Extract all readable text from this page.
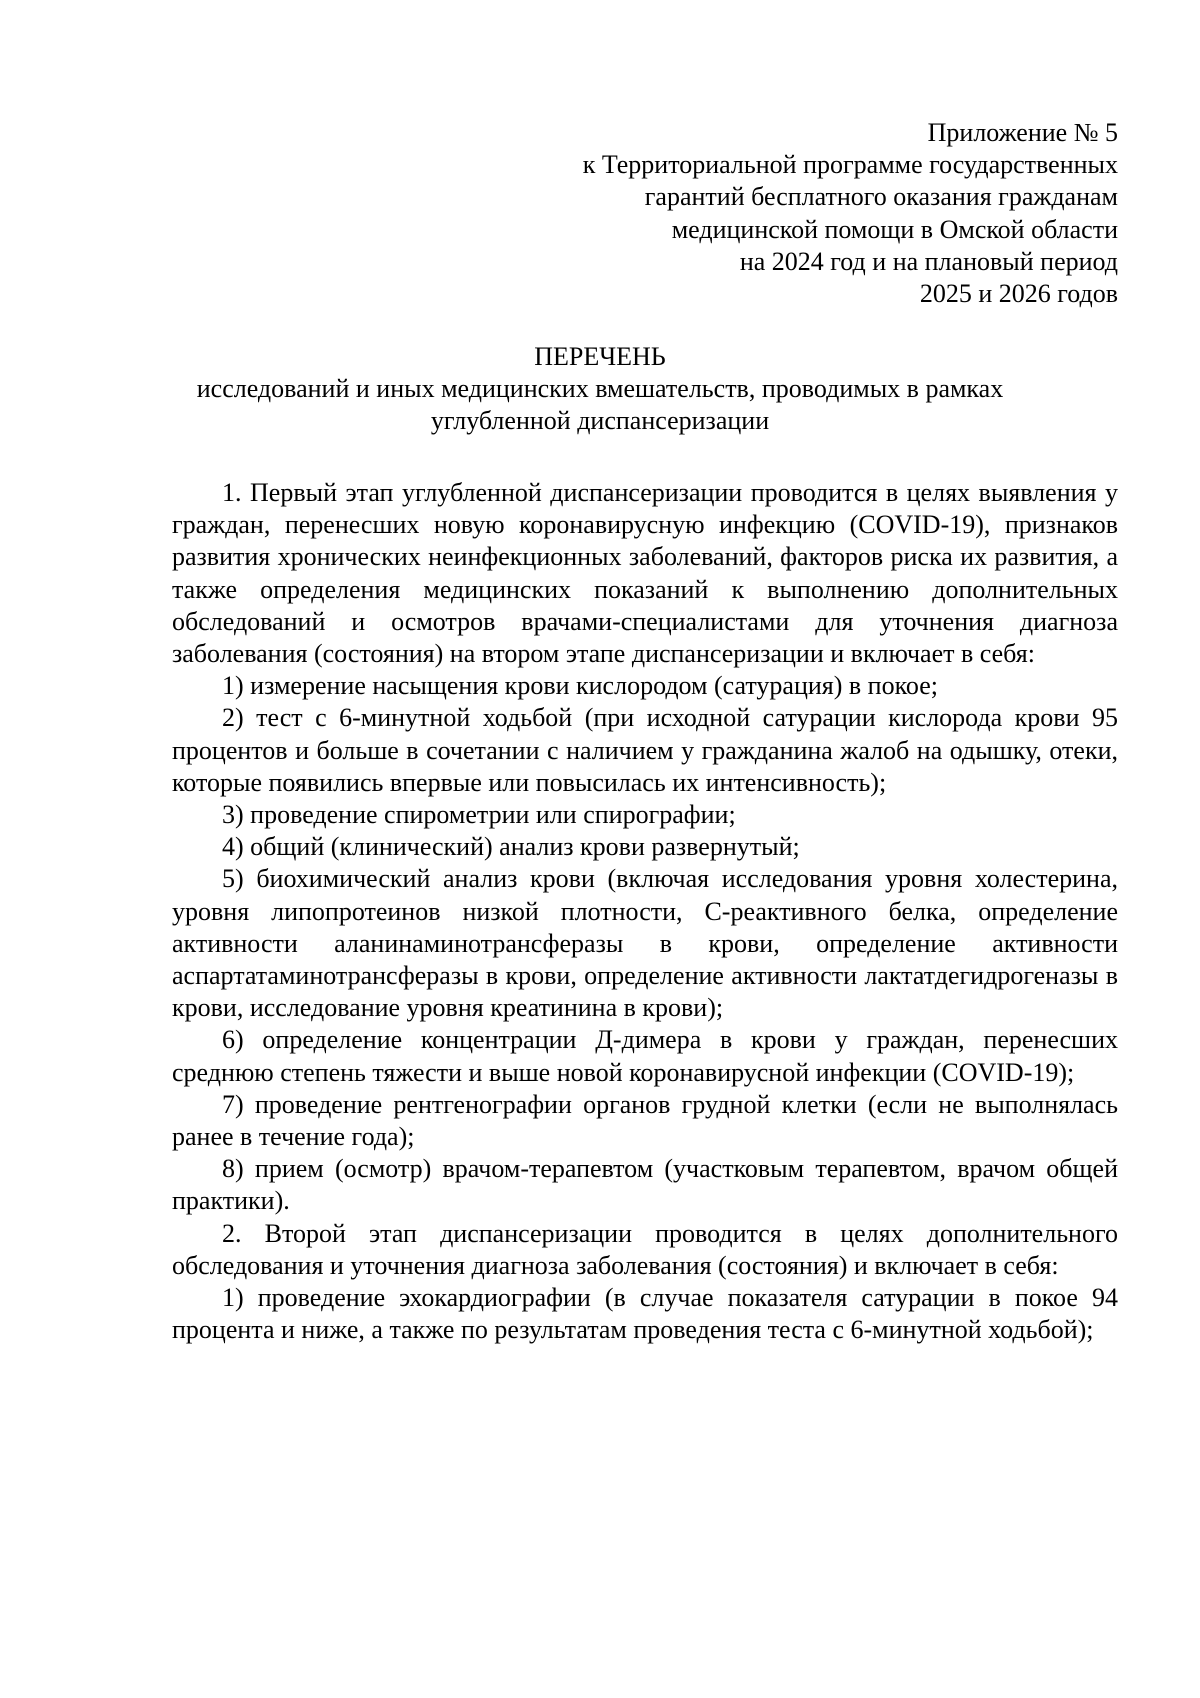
Приложение № 5
к Территориальной программе государственных
гарантий бесплатного оказания гражданам
медицинской помощи в Омской области
на 2024 год и на плановый период
2025 и 2026 годов
ПЕРЕЧЕНЬ
исследований и иных медицинских вмешательств, проводимых в рамках
углубленной диспансеризации

1. Первый этап углубленной диспансеризации проводится в целях выявления у граждан, перенесших новую коронавирусную инфекцию (COVID-19), признаков развития хронических неинфекционных заболеваний, факторов риска их развития, а также определения медицинских показаний к выполнению дополнительных обследований и осмотров врачами-специалистами для уточнения диагноза заболевания (состояния) на втором этапе диспансеризации и включает в себя:

1) измерение насыщения крови кислородом (сатурация) в покое;

2) тест с 6-минутной ходьбой (при исходной сатурации кислорода крови 95 процентов и больше в сочетании с наличием у гражданина жалоб на одышку, отеки, которые появились впервые или повысилась их интенсивность);

3) проведение спирометрии или спирографии;

4) общий (клинический) анализ крови развернутый;

5) биохимический анализ крови (включая исследования уровня холестерина, уровня липопротеинов низкой плотности, С-реактивного белка, определение активности аланинаминотрансферазы в крови, определение активности аспартатаминотрансферазы в крови, определение активности лактатдегидрогеназы в крови, исследование уровня креатинина в крови);

6) определение концентрации Д-димера в крови у граждан, перенесших среднюю степень тяжести и выше новой коронавирусной инфекции (COVID-19);

7) проведение рентгенографии органов грудной клетки (если не выполнялась ранее в течение года);

8) прием (осмотр) врачом-терапевтом (участковым терапевтом, врачом общей практики).

2. Второй этап диспансеризации проводится в целях дополнительного обследования и уточнения диагноза заболевания (состояния) и включает в себя:

1) проведение эхокардиографии (в случае показателя сатурации в покое 94 процента и ниже, а также по результатам проведения теста с 6-минутной ходьбой);
